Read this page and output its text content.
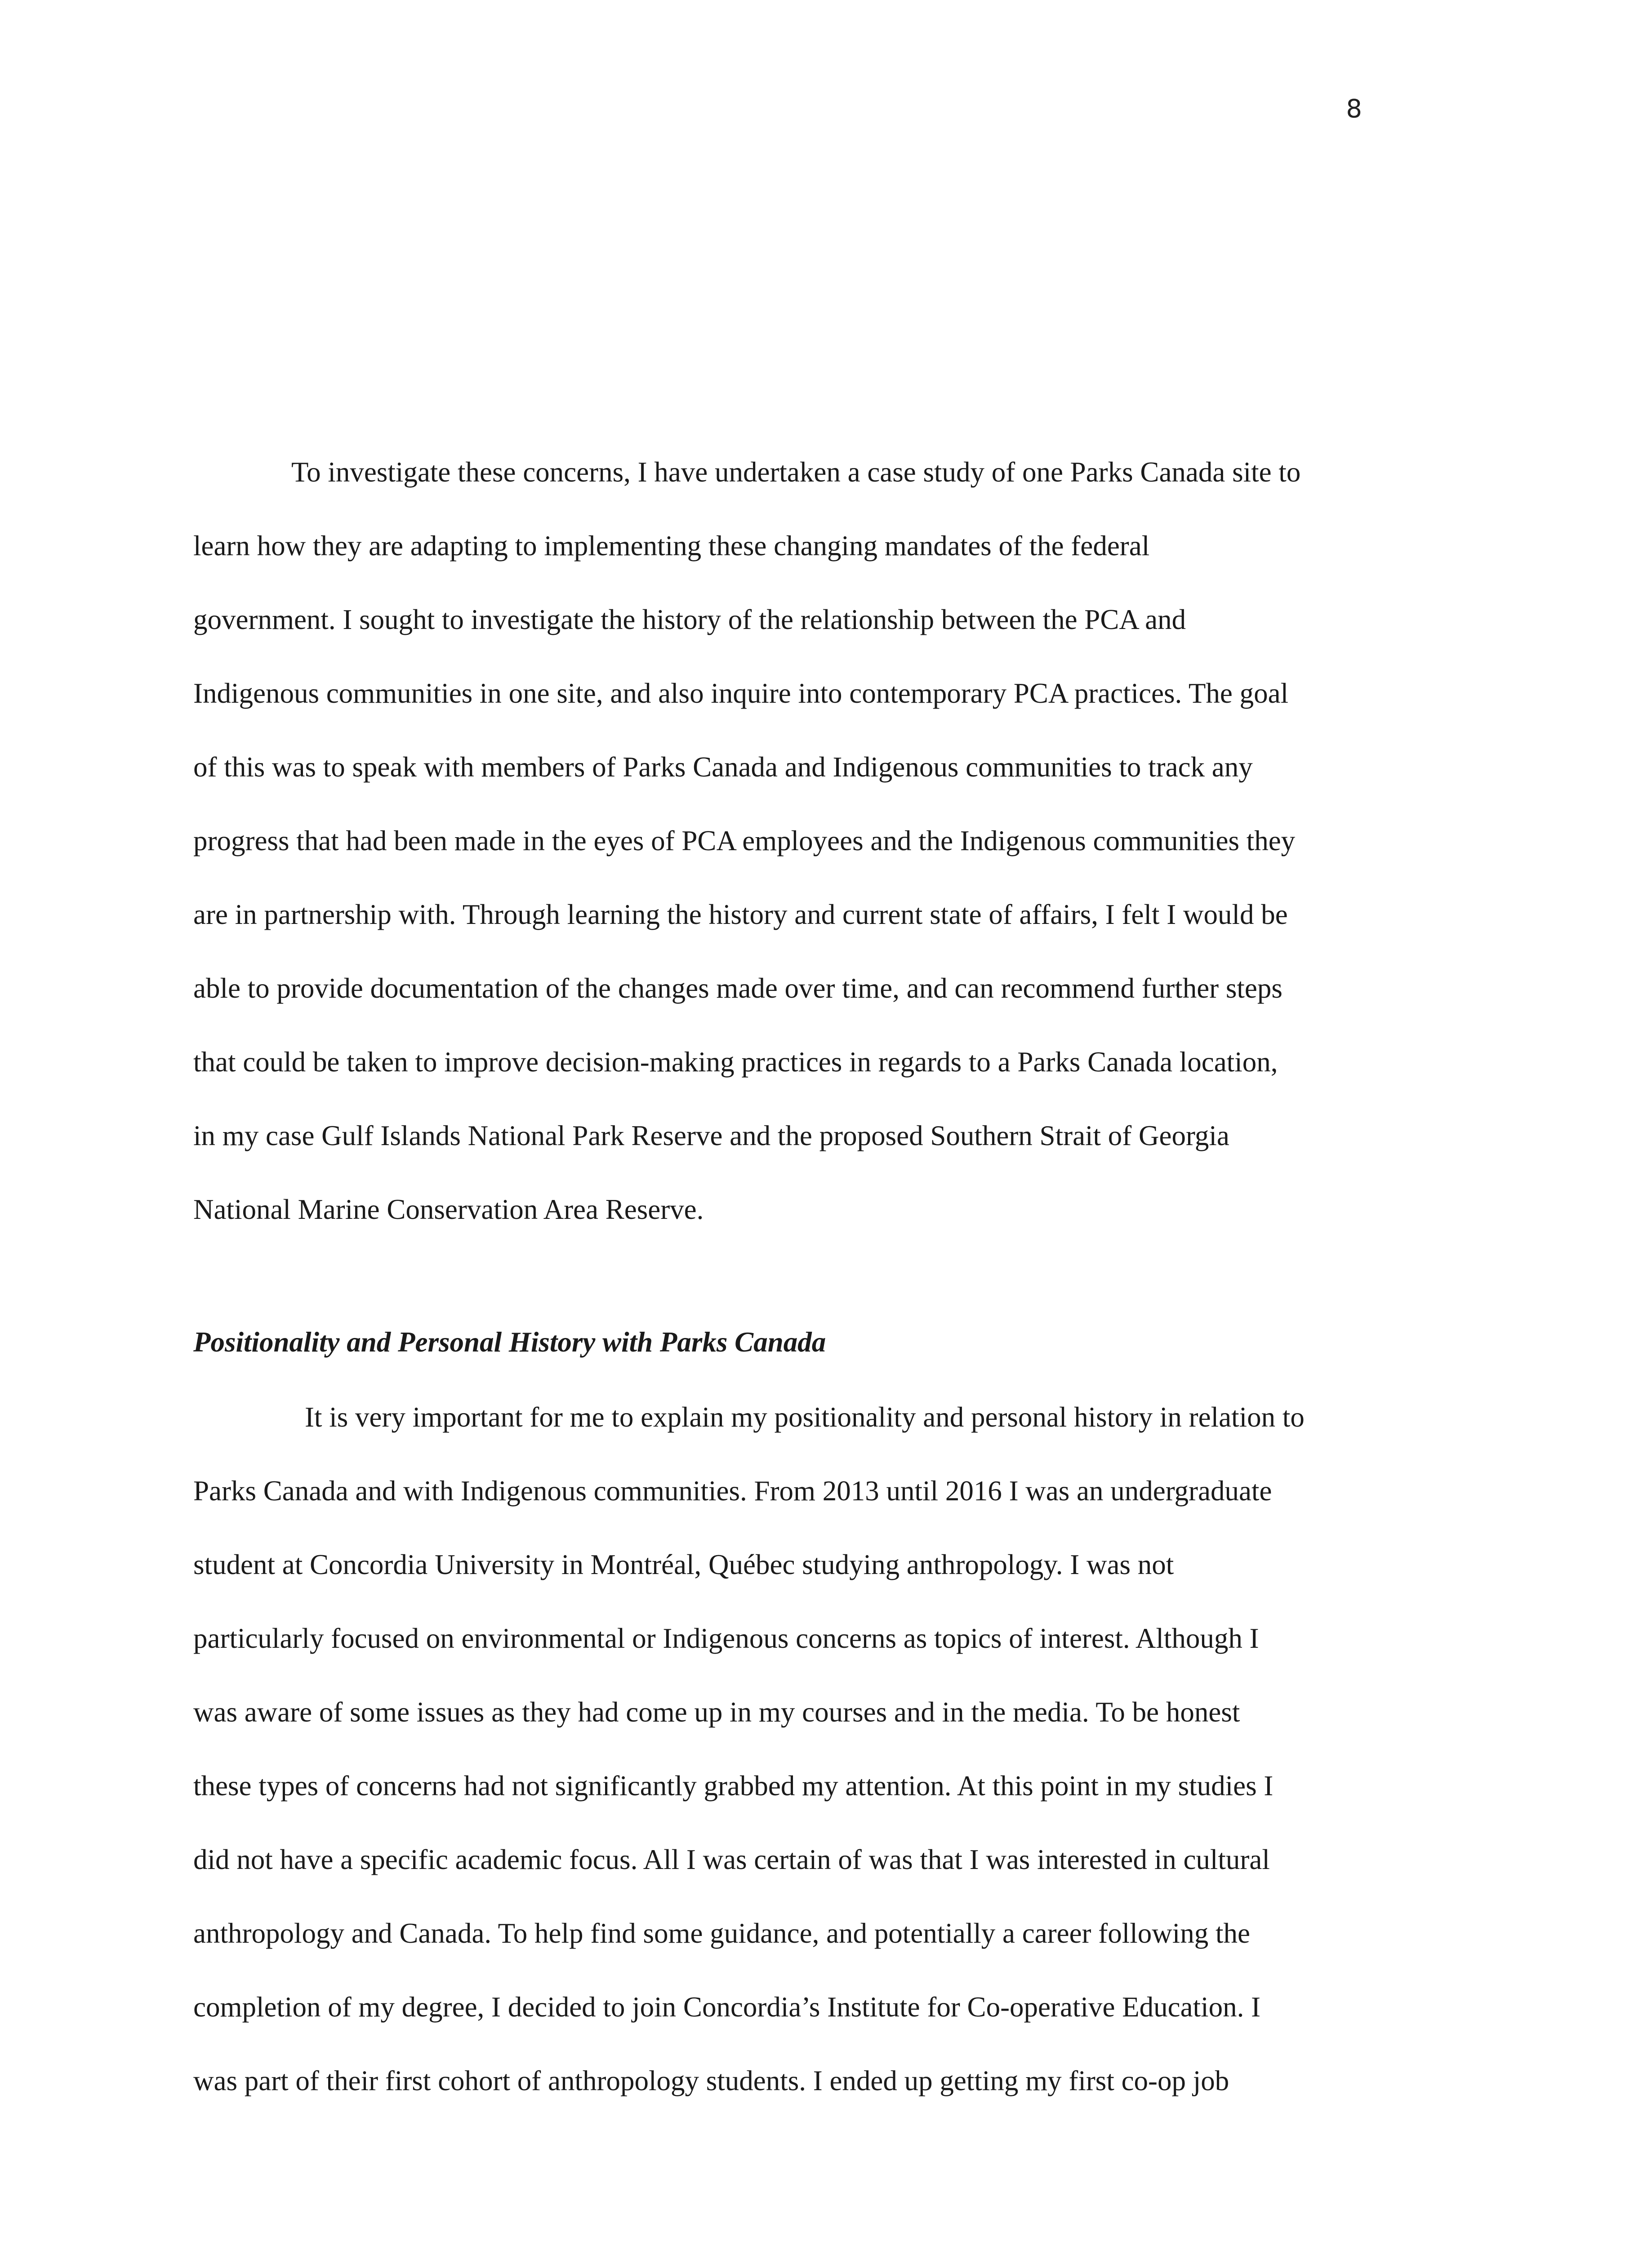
8
To investigate these concerns, I have undertaken a case study of one Parks Canada site to
learn how they are adapting to implementing these changing mandates of the federal
government. I sought to investigate the history of the relationship between the PCA and
Indigenous communities in one site, and also inquire into contemporary PCA practices. The goal
of this was to speak with members of Parks Canada and Indigenous communities to track any
progress that had been made in the eyes of PCA employees and the Indigenous communities they
are in partnership with. Through learning the history and current state of affairs, I felt I would be
able to provide documentation of the changes made over time, and can recommend further steps
that could be taken to improve decision-making practices in regards to a Parks Canada location,
in my case Gulf Islands National Park Reserve and the proposed Southern Strait of Georgia
National Marine Conservation Area Reserve.
Positionality and Personal History with Parks Canada
It is very important for me to explain my positionality and personal history in relation to
Parks Canada and with Indigenous communities. From 2013 until 2016 I was an undergraduate
student at Concordia University in Montréal, Québec studying anthropology. I was not
particularly focused on environmental or Indigenous concerns as topics of interest. Although I
was aware of some issues as they had come up in my courses and in the media. To be honest
these types of concerns had not significantly grabbed my attention. At this point in my studies I
did not have a specific academic focus. All I was certain of was that I was interested in cultural
anthropology and Canada. To help find some guidance, and potentially a career following the
completion of my degree, I decided to join Concordia’s Institute for Co-operative Education. I
was part of their first cohort of anthropology students. I ended up getting my first co-op job
